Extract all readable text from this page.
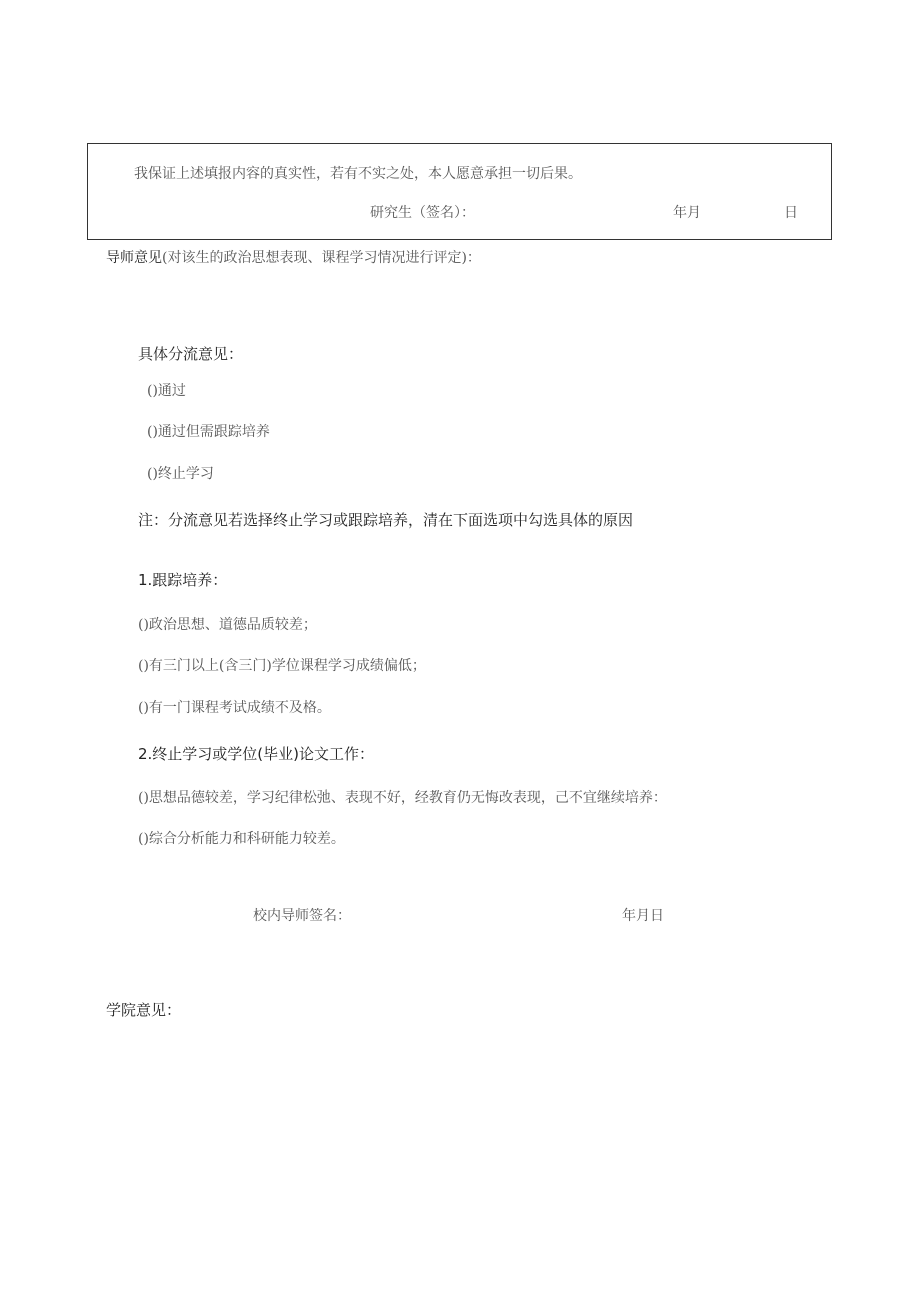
我保证上述填报内容的真实性，若有不实之处，本人愿意承担一切后果。
研究生（签名）：	年月	日
导师意见(对该生的政治思想表现、课程学习情况进行评定)：
具体分流意见：
()通过
()通过但需跟踪培养
()终止学习
注：分流意见若选择终止学习或跟踪培养，清在下面选项中勾选具体的原因
1.跟踪培养：
()政治思想、道德品质较差；
()有三门以上(含三门)学位课程学习成绩偏低；
()有一门课程考试成绩不及格。
2.终止学习或学位(毕业)论文工作：
()思想品德较差，学习纪律松弛、表现不好，经教育仍无悔改表现，己不宜继续培养：
()综合分析能力和科研能力较差。
校内导师签名：	年月日
学院意见：
